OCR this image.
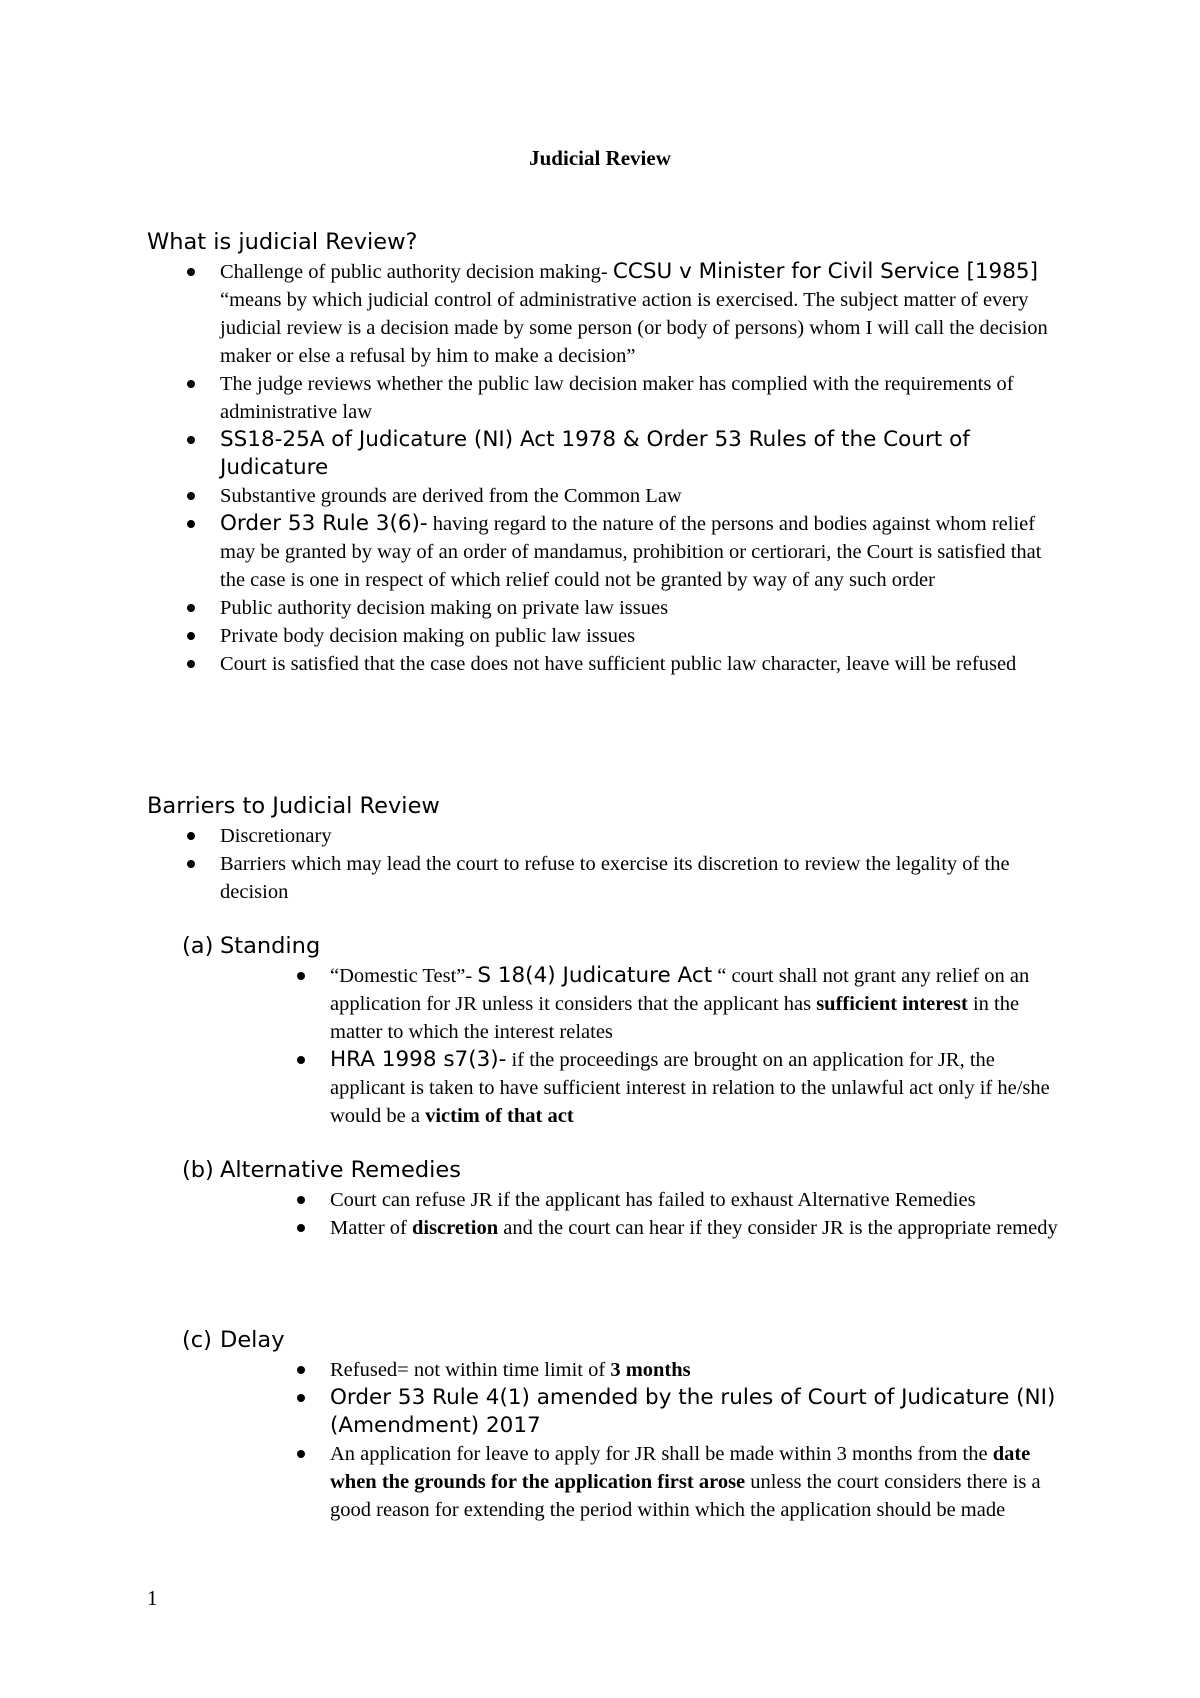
Judicial Review
What is judicial Review?
Challenge of public authority decision making- CCSU v Minister for Civil Service [1985] “means by which judicial control of administrative action is exercised. The subject matter of every judicial review is a decision made by some person (or body of persons) whom I will call the decision maker or else a refusal by him to make a decision”
The judge reviews whether the public law decision maker has complied with the requirements of administrative law
SS18-25A of Judicature (NI) Act 1978 & Order 53 Rules of the Court of Judicature
Substantive grounds are derived from the Common Law
Order 53 Rule 3(6)- having regard to the nature of the persons and bodies against whom relief may be granted by way of an order of mandamus, prohibition or certiorari, the Court is satisfied that the case is one in respect of which relief could not be granted by way of any such order
Public authority decision making on private law issues
Private body decision making on public law issues
Court is satisfied that the case does not have sufficient public law character, leave will be refused
Barriers to Judicial Review
Discretionary
Barriers which may lead the court to refuse to exercise its discretion to review the legality of the decision
(a) Standing
“Domestic Test”- S 18(4) Judicature Act “ court shall not grant any relief on an application for JR unless it considers that the applicant has sufficient interest in the matter to which the interest relates
HRA 1998 s7(3)- if the proceedings are brought on an application for JR, the applicant is taken to have sufficient interest in relation to the unlawful act only if he/she would be a victim of that act
(b) Alternative Remedies
Court can refuse JR if the applicant has failed to exhaust Alternative Remedies
Matter of discretion and the court can hear if they consider JR is the appropriate remedy
(c) Delay
Refused= not within time limit of 3 months
Order 53 Rule 4(1) amended by the rules of Court of Judicature (NI) (Amendment) 2017
An application for leave to apply for JR shall be made within 3 months from the date when the grounds for the application first arose unless the court considers there is a good reason for extending the period within which the application should be made
1
